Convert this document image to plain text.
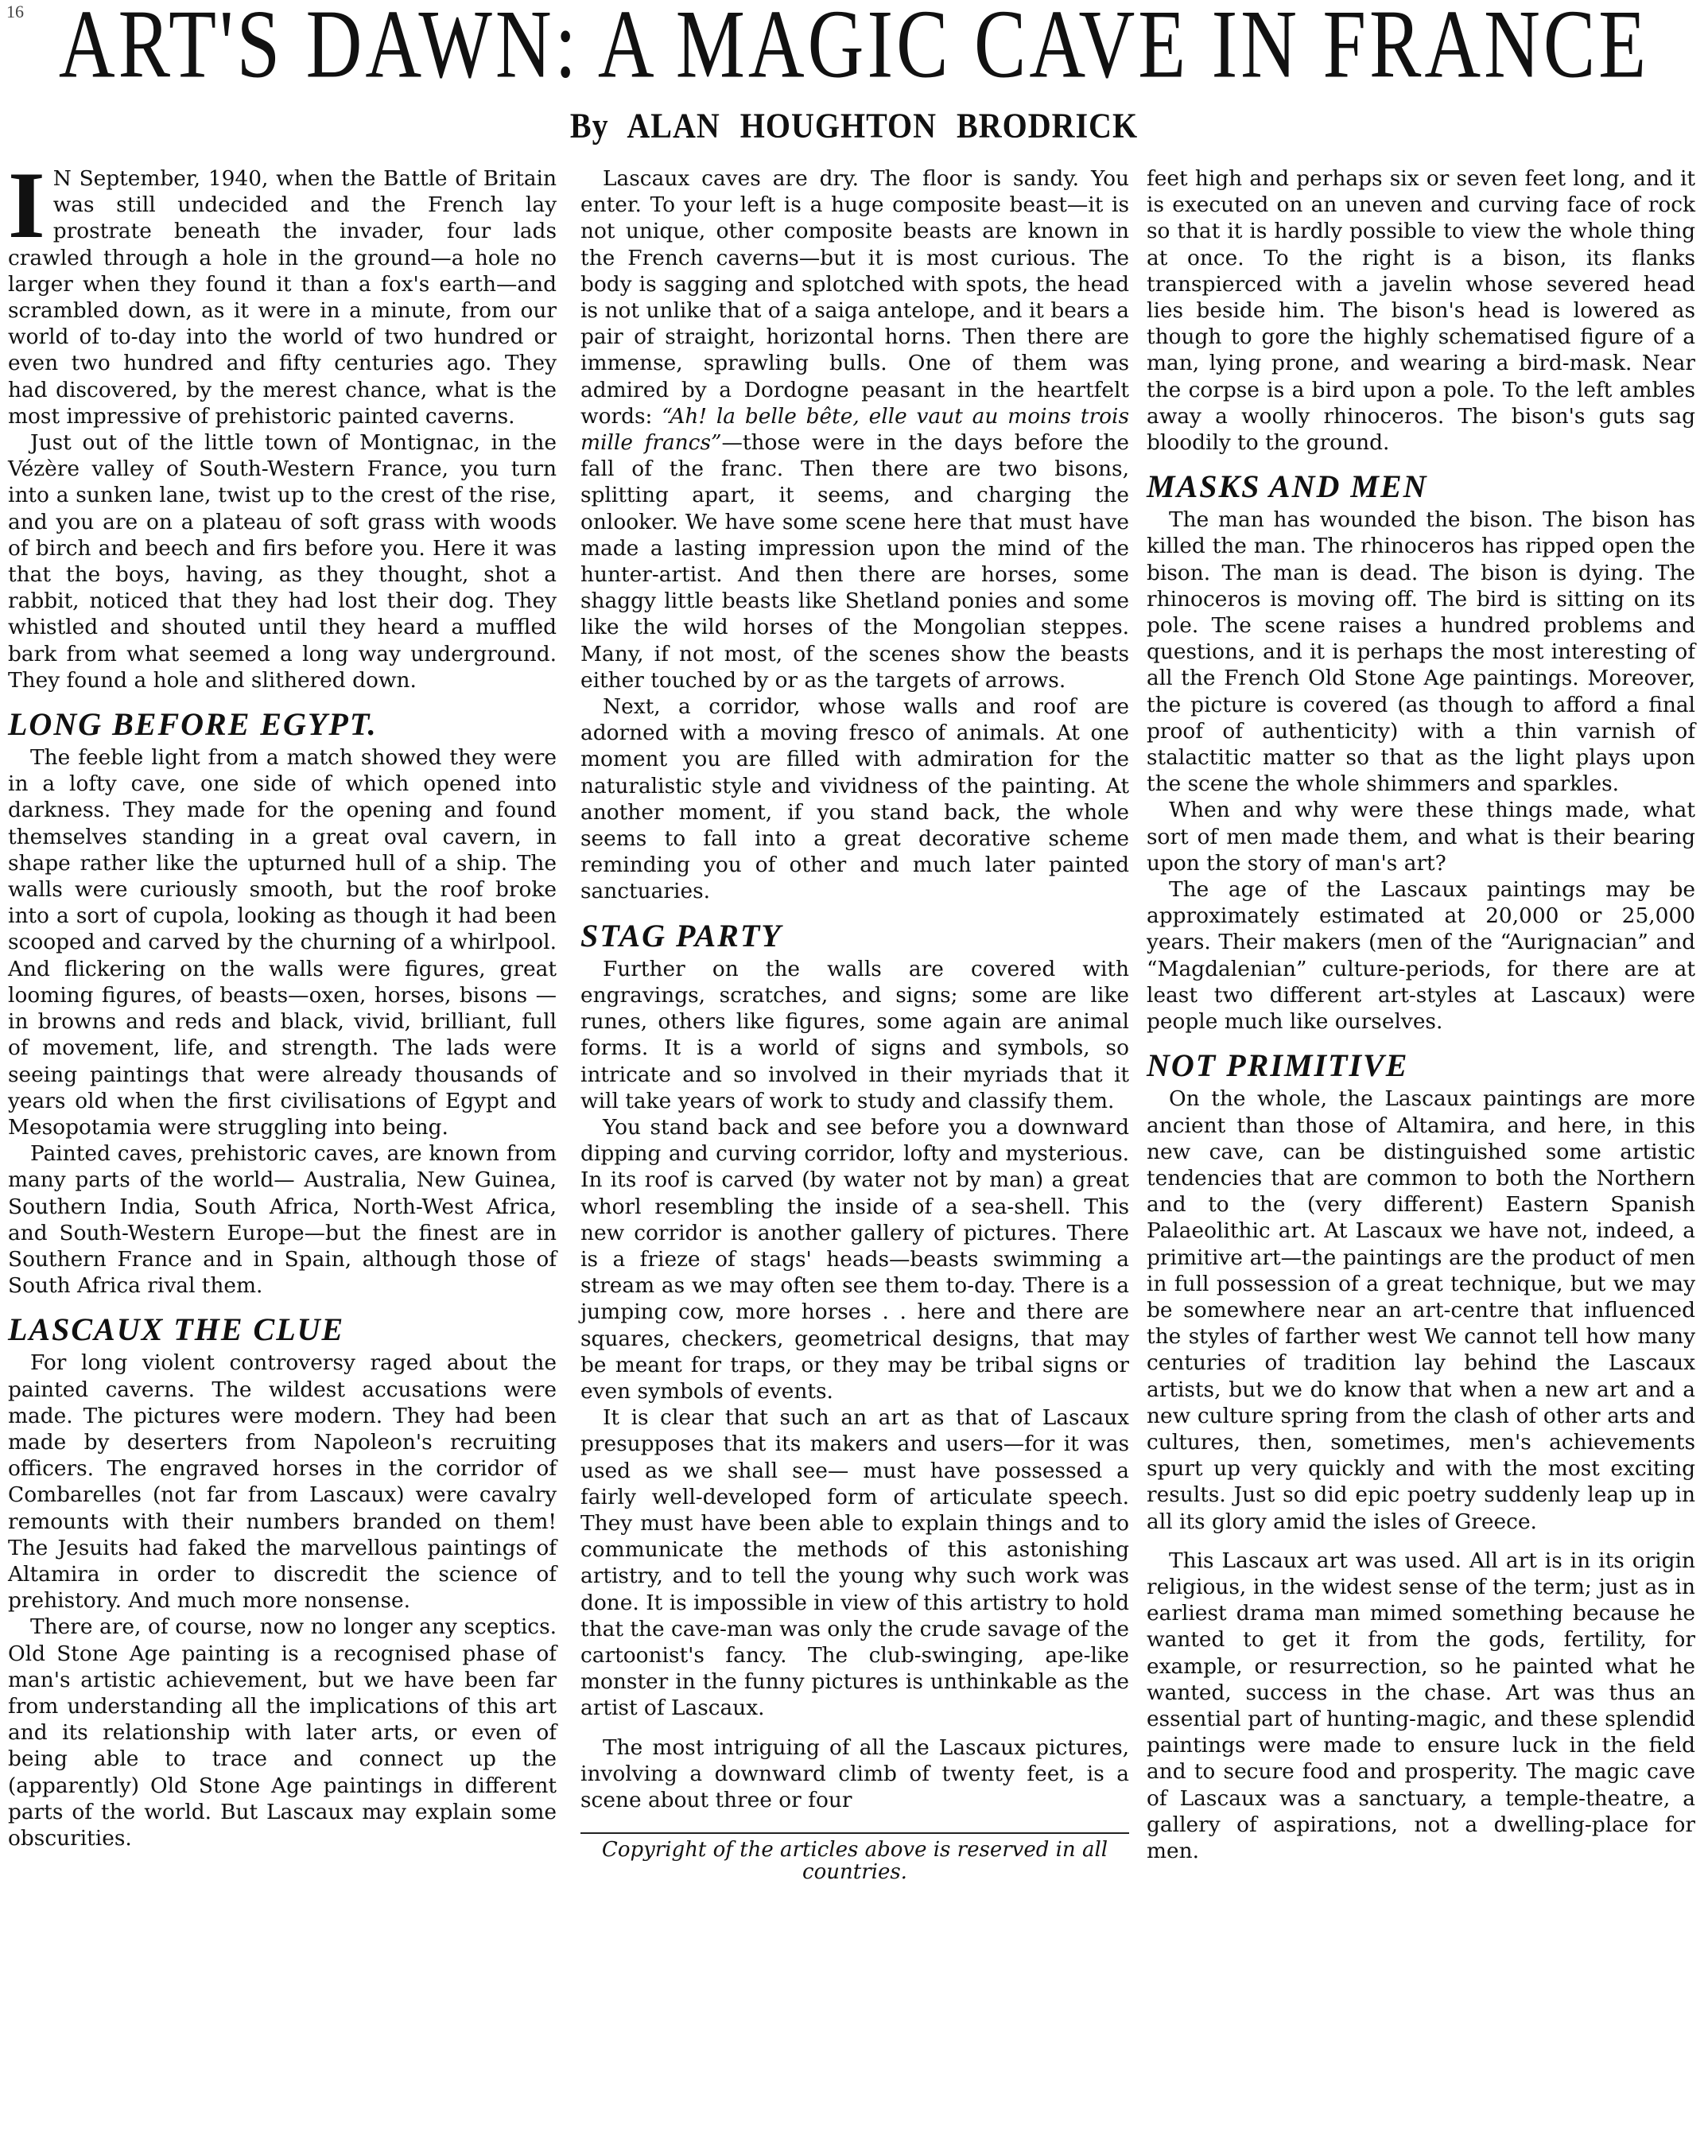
16 ART'S DAWN: A MAGIC CAVE IN FRANCE
By ALAN HOUGHTON BRODRICK

I N September, 1940, when the Battle of Britain was still undecided and the French lay prostrate beneath the invader, four lads crawled through a hole in the ground—a hole no larger when they found it than a fox's earth—and scrambled down, as it were in a minute, from our world of to-day into the world of two hundred or even two hundred and fifty centuries ago. They had discovered, by the merest chance, what is the most impressive of prehistoric painted caverns.

Just out of the little town of Montignac, in the Vézère valley of South-Western France, you turn into a sunken lane, twist up to the crest of the rise, and you are on a plateau of soft grass with woods of birch and beech and firs before you. Here it was that the boys, having, as they thought, shot a rabbit, noticed that they had lost their dog. They whistled and shouted until they heard a muffled bark from what seemed a long way underground. They found a hole and slithered down.

LONG BEFORE EGYPT.

The feeble light from a match showed they were in a lofty cave, one side of which opened into darkness. They made for the opening and found themselves standing in a great oval cavern, in shape rather like the upturned hull of a ship. The walls were curiously smooth, but the roof broke into a sort of cupola, looking as though it had been scooped and carved by the churning of a whirlpool. And flickering on the walls were figures, great looming figures, of beasts—oxen, horses, bisons —in browns and reds and black, vivid, brilliant, full of movement, life, and strength. The lads were seeing paintings that were already thousands of years old when the first civilisations of Egypt and Mesopotamia were struggling into being.

Painted caves, prehistoric caves, are known from many parts of the world— Australia, New Guinea, Southern India, South Africa, North-West Africa, and South-Western Europe—but the finest are in Southern France and in Spain, although those of South Africa rival them.

LASCAUX THE CLUE

For long violent controversy raged about the painted caverns. The wildest accusations were made. The pictures were modern. They had been made by deserters from Napoleon's recruiting officers. The engraved horses in the corridor of Combarelles (not far from Lascaux) were cavalry remounts with their numbers branded on them! The Jesuits had faked the marvellous paintings of Altamira in order to discredit the science of prehistory. And much more nonsense.

There are, of course, now no longer any sceptics. Old Stone Age painting is a recognised phase of man's artistic achievement, but we have been far from understanding all the implications of this art and its relationship with later arts, or even of being able to trace and connect up the (apparently) Old Stone Age paintings in different parts of the world. But Lascaux may explain some obscurities.

Lascaux caves are dry. The floor is sandy. You enter. To your left is a huge composite beast—it is not unique, other composite beasts are known in the French caverns—but it is most curious. The body is sagging and splotched with spots, the head is not unlike that of a saiga antelope, and it bears a pair of straight, horizontal horns. Then there are immense, sprawling bulls. One of them was admired by a Dordogne peasant in the heartfelt words: “Ah! la belle bête, elle vaut au moins trois mille francs”—those were in the days before the fall of the franc. Then there are two bisons, splitting apart, it seems, and charging the onlooker. We have some scene here that must have made a lasting impression upon the mind of the hunter-artist. And then there are horses, some shaggy little beasts like Shetland ponies and some like the wild horses of the Mongolian steppes. Many, if not most, of the scenes show the beasts either touched by or as the targets of arrows.

Next, a corridor, whose walls and roof are adorned with a moving fresco of animals. At one moment you are filled with admiration for the naturalistic style and vividness of the painting. At another moment, if you stand back, the whole seems to fall into a great decorative scheme reminding you of other and much later painted sanctuaries.

STAG PARTY

Further on the walls are covered with engravings, scratches, and signs; some are like runes, others like figures, some again are animal forms. It is a world of signs and symbols, so intricate and so involved in their myriads that it will take years of work to study and classify them.

You stand back and see before you a downward dipping and curving corridor, lofty and mysterious. In its roof is carved (by water not by man) a great whorl resembling the inside of a sea-shell. This new corridor is another gallery of pictures. There is a frieze of stags' heads—beasts swimming a stream as we may often see them to-day. There is a jumping cow, more horses . . here and there are squares, checkers, geometrical designs, that may be meant for traps, or they may be tribal signs or even symbols of events.

It is clear that such an art as that of Lascaux presupposes that its makers and users—for it was used as we shall see— must have possessed a fairly well-developed form of articulate speech. They must have been able to explain things and to communicate the methods of this astonishing artistry, and to tell the young why such work was done. It is impossible in view of this artistry to hold that the cave-man was only the crude savage of the cartoonist's fancy. The club-swinging, ape-like monster in the funny pictures is unthinkable as the artist of Lascaux.

The most intriguing of all the Lascaux pictures, involving a downward climb of twenty feet, is a scene about three or four

Copyright of the articles above is reserved in all countries.

feet high and perhaps six or seven feet long, and it is executed on an uneven and curving face of rock so that it is hardly possible to view the whole thing at once. To the right is a bison, its flanks transpierced with a javelin whose severed head lies beside him. The bison's head is lowered as though to gore the highly schematised figure of a man, lying prone, and wearing a bird-mask. Near the corpse is a bird upon a pole. To the left ambles away a woolly rhinoceros. The bison's guts sag bloodily to the ground.

MASKS AND MEN

The man has wounded the bison. The bison has killed the man. The rhinoceros has ripped open the bison. The man is dead. The bison is dying. The rhinoceros is moving off. The bird is sitting on its pole. The scene raises a hundred problems and questions, and it is perhaps the most interesting of all the French Old Stone Age paintings. Moreover, the picture is covered (as though to afford a final proof of authenticity) with a thin varnish of stalactitic matter so that as the light plays upon the scene the whole shimmers and sparkles.

When and why were these things made, what sort of men made them, and what is their bearing upon the story of man's art?

The age of the Lascaux paintings may be approximately estimated at 20,000 or 25,000 years. Their makers (men of the “Aurignacian” and “Magdalenian” culture-periods, for there are at least two different art-styles at Lascaux) were people much like ourselves.

NOT PRIMITIVE

On the whole, the Lascaux paintings are more ancient than those of Altamira, and here, in this new cave, can be distinguished some artistic tendencies that are common to both the Northern and to the (very different) Eastern Spanish Palaeolithic art. At Lascaux we have not, indeed, a primitive art—the paintings are the product of men in full possession of a great technique, but we may be somewhere near an art-centre that influenced the styles of farther west We cannot tell how many centuries of tradition lay behind the Lascaux artists, but we do know that when a new art and a new culture spring from the clash of other arts and cultures, then, sometimes, men's achievements spurt up very quickly and with the most exciting results. Just so did epic poetry suddenly leap up in all its glory amid the isles of Greece.

This Lascaux art was used. All art is in its origin religious, in the widest sense of the term; just as in earliest drama man mimed something because he wanted to get it from the gods, fertility, for example, or resurrection, so he painted what he wanted, success in the chase. Art was thus an essential part of hunting-magic, and these splendid paintings were made to ensure luck in the field and to secure food and prosperity. The magic cave of Lascaux was a sanctuary, a temple-theatre, a gallery of aspirations, not a dwelling-place for men.
